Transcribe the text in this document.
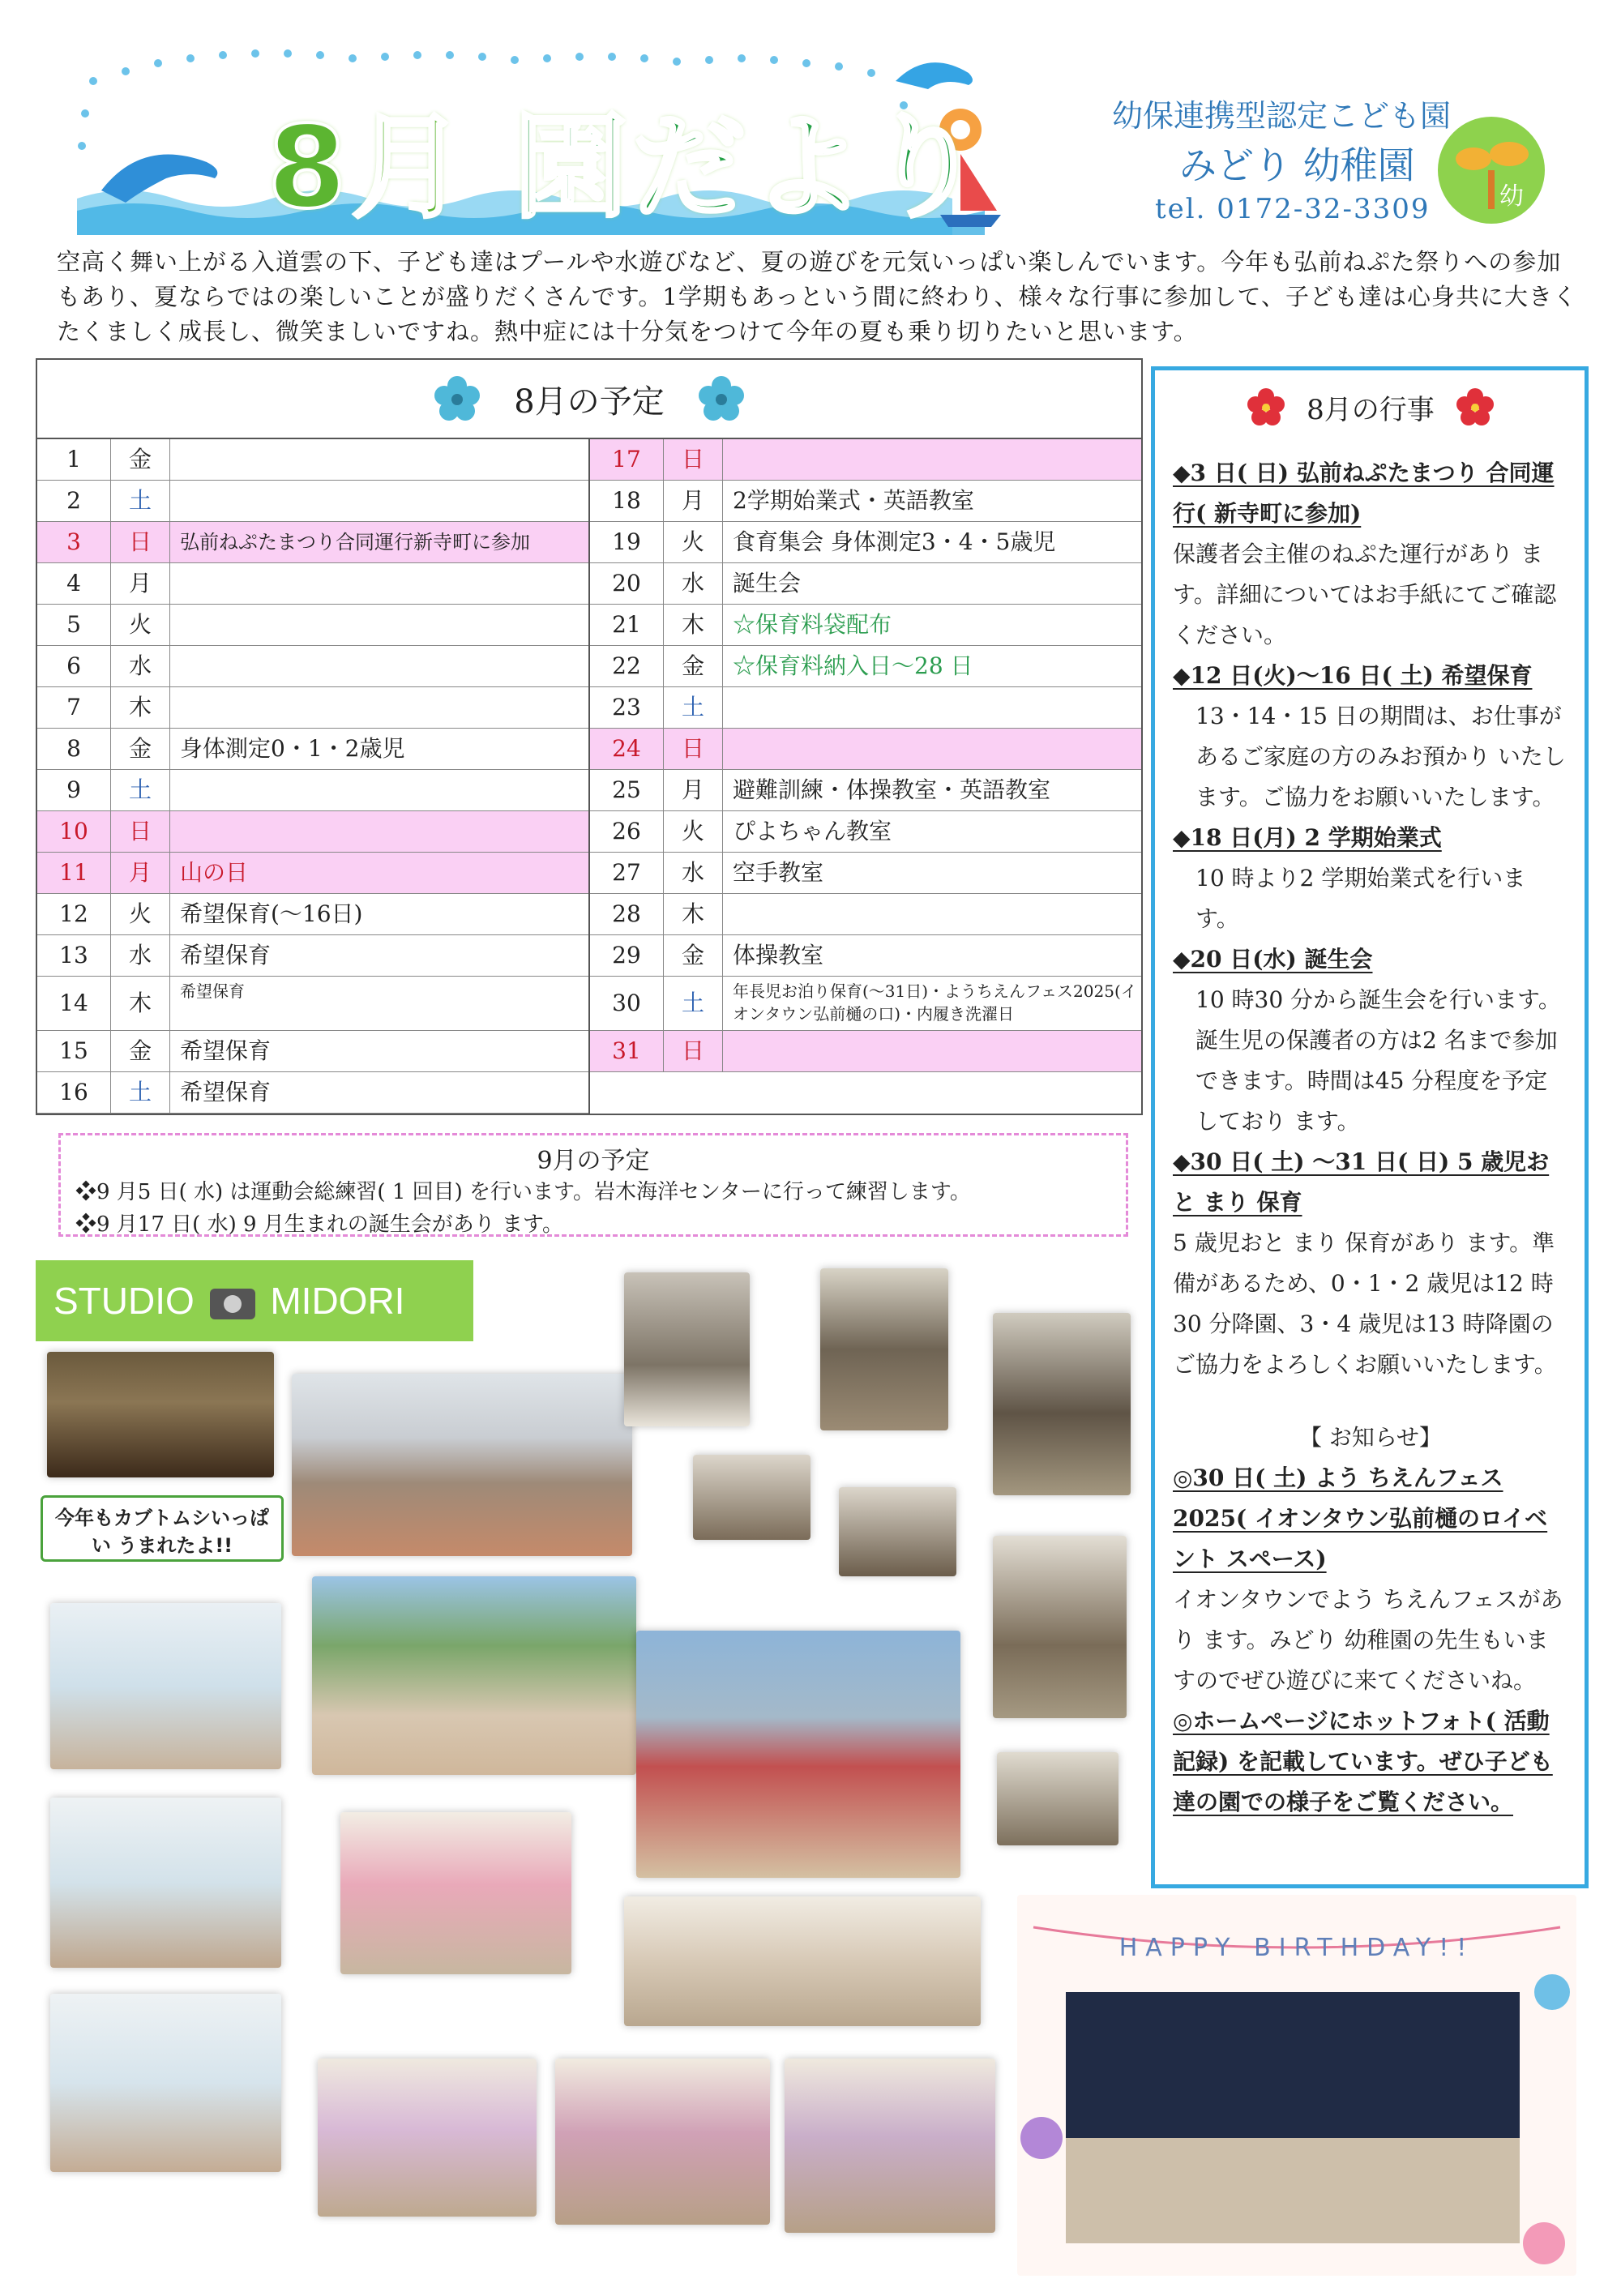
8月 園だより	幼保連携型認定こども園
みどり 幼稚園
tel. 0172-32-3309	幼
空高く舞い上がる入道雲の下、子ども達はプールや水遊びなど、夏の遊びを元気いっぱい楽しんでいます。今年も弘前ねぷた祭りへの参加もあり、夏ならではの楽しいことが盛りだくさんです。1学期もあっという間に終わり、様々な行事に参加して、子ども達は心身共に大きくたくましく成長し、微笑ましいですね。熱中症には十分気をつけて今年の夏も乗り切りたいと思います。
8月の予定
1	金
2	土
3	日	弘前ねぷたまつり合同運行新寺町に参加
4	月
5	火
6	水
7	木
8	金	身体測定0・1・2歳児
9	土
10	日
11	月	山の日
12	火	希望保育(～16日)
13	水	希望保育
14	木	希望保育
15	金	希望保育
16	土	希望保育
17	日
18	月	2学期始業式・英語教室
19	火	食育集会 身体測定3・4・5歳児
20	水	誕生会
21	木	☆保育料袋配布
22	金	☆保育料納入日～28 日
23	土
24	日
25	月	避難訓練・体操教室・英語教室
26	火	ぴよちゃん教室
27	水	空手教室
28	木
29	金	体操教室
30	土	年長児お泊り保育(～31日)・ようちえんフェス2025(イオンタウン弘前樋の口)・内履き洗濯日
31	日
9月の予定
❖9 月5 日( 水) は運動会総練習( 1 回目) を行います。岩木海洋センターに行って練習します。
❖9 月17 日( 水) 9 月生まれの誕生会があり ます。
8月の行事
◆3 日( 日) 弘前ねぷたまつり 合同運行( 新寺町に参加)
保護者会主催のねぷた運行があり ます。詳細についてはお手紙にてご確認ください。
◆12 日(火)～16 日( 土) 希望保育
13・14・15 日の期間は、お仕事があるご家庭の方のみお預かり いたします。ご協力をお願いいたします。
◆18 日(月) 2 学期始業式
10 時より2 学期始業式を行います。
◆20 日(水) 誕生会
10 時30 分から誕生会を行います。誕生児の保護者の方は2 名まで参加できます。時間は45 分程度を予定しており ます。
◆30 日( 土) ～31 日( 日) 5 歳児おと まり 保育
5 歳児おと まり 保育があり ます。準備があるため、0・1・2 歳児は12 時30 分降園、3・4 歳児は13 時降園のご協力をよろしくお願いいたします。
【 お知らせ】
◎30 日( 土) よう ちえんフェス2025( イオンタウン弘前樋のロイベント スペース)
イオンタウンでよう ちえんフェスがあり ます。みどり 幼稚園の先生もいますのでぜひ遊びに来てくださいね。
◎ホームページにホットフォト( 活動記録) を記載しています。ぜひ子ども達の園での様子をご覧ください。
STUDIO MIDORI
今年もカブトムシいっぱい うまれたよ!!
HAPPY BIRTHDAY!!
